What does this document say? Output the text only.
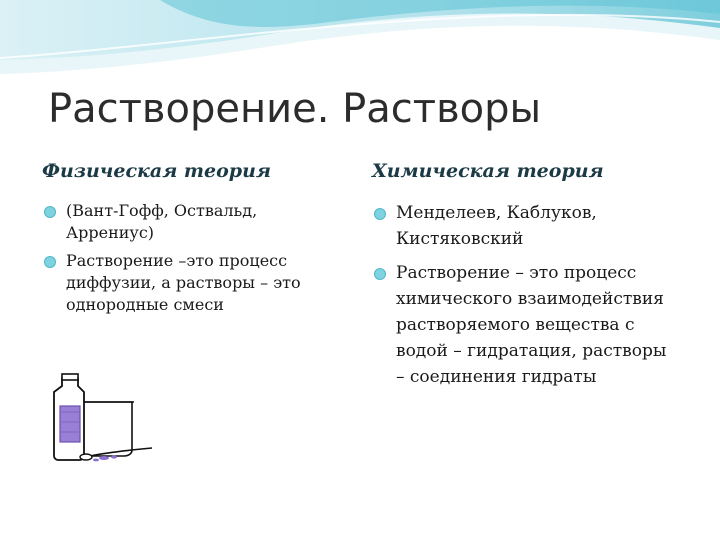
Растворение. Растворы
Физическая теория	Химическая теория
(Вант-Гофф, Оствальд, Аррениус)
Растворение –это процесс диффузии, а растворы – это однородные смеси
Менделеев, Каблуков, Кистяковский
Растворение – это процесс химического взаимодействия растворяемого вещества с водой – гидратация, растворы – соединения гидраты
